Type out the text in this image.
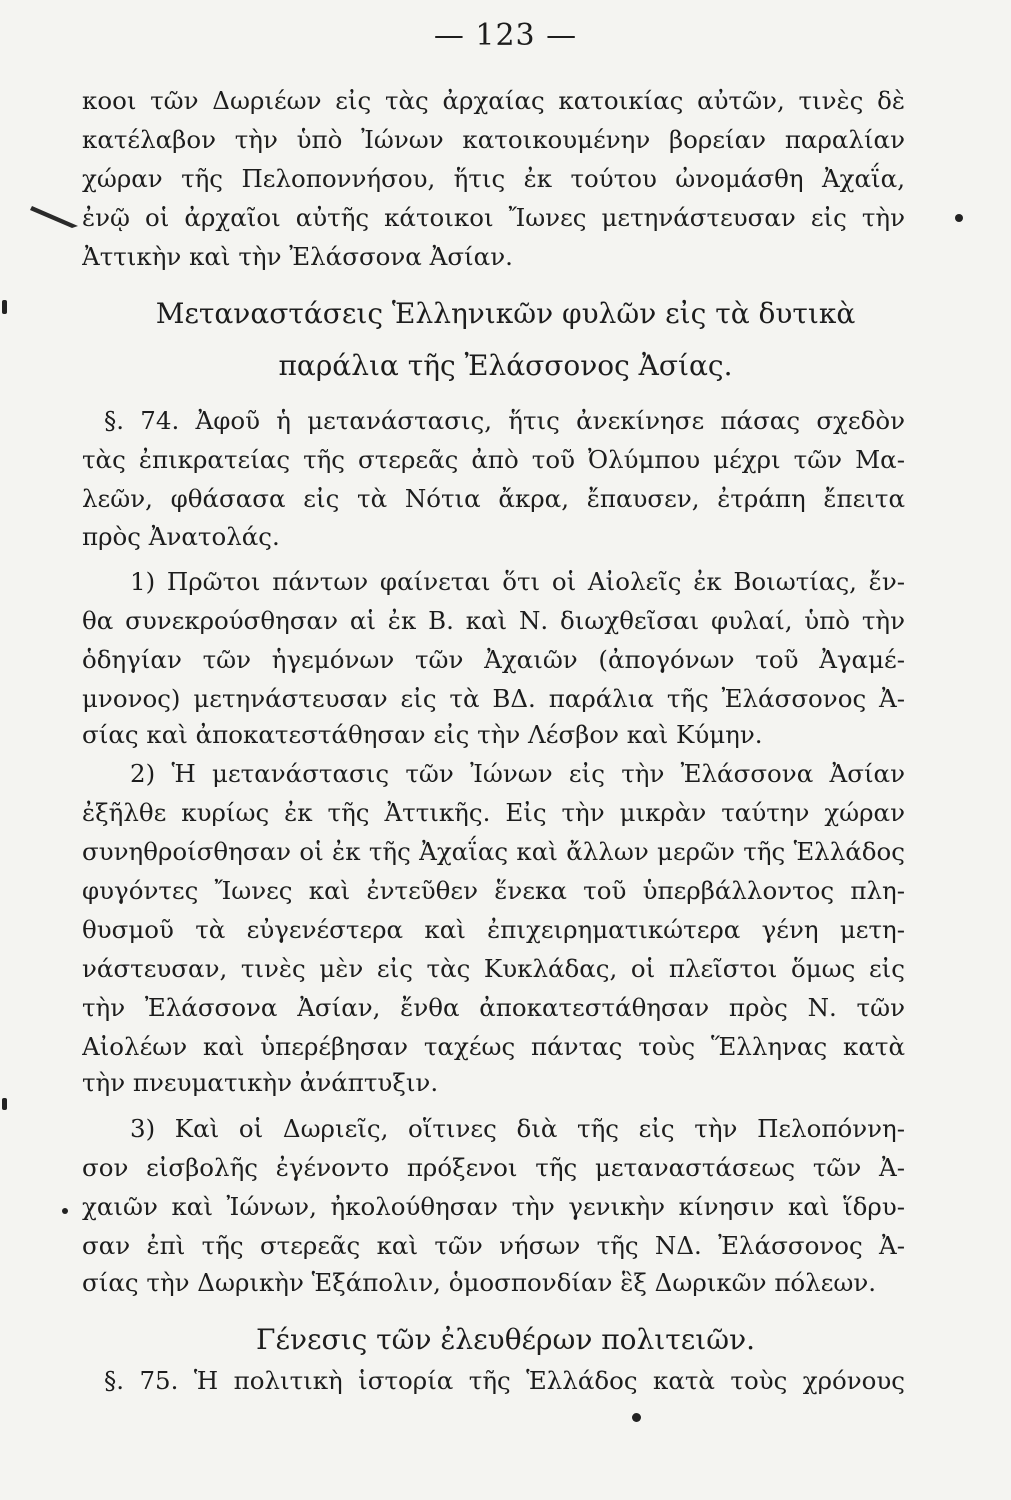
— 123 —
κοοι τῶν Δωριέων εἰς τὰς ἀρχαίας κατοικίας αὐτῶν, τινὲς δὲ
κατέλαβον τὴν ὑπὸ Ἰώνων κατοικουμένην βορείαν παραλίαν
χώραν τῆς Πελοποννήσου, ἥτις ἐκ τούτου ὠνομάσθη Ἀχαΐα,
ἐνῷ οἱ ἀρχαῖοι αὐτῆς κάτοικοι Ἴωνες μετηνάστευσαν εἰς τὴν
Ἀττικὴν καὶ τὴν Ἐλάσσονα Ἀσίαν.
Μεταναστάσεις Ἑλληνικῶν φυλῶν εἰς τὰ δυτικὰ
παράλια τῆς Ἐλάσσονος Ἀσίας.
§. 74. Ἀφοῦ ἡ μετανάστασις, ἥτις ἀνεκίνησε πάσας σχεδὸν
τὰς ἐπικρατείας τῆς στερεᾶς ἀπὸ τοῦ Ὀλύμπου μέχρι τῶν Μα-
λεῶν, φθάσασα εἰς τὰ Νότια ἄκρα, ἔπαυσεν, ἐτράπη ἔπειτα
πρὸς Ἀνατολάς.
1) Πρῶτοι πάντων φαίνεται ὅτι οἱ Αἰολεῖς ἐκ Βοιωτίας, ἔν-
θα συνεκρούσθησαν αἱ ἐκ Β. καὶ Ν. διωχθεῖσαι φυλαί, ὑπὸ τὴν
ὁδηγίαν τῶν ἡγεμόνων τῶν Ἀχαιῶν (ἀπογόνων τοῦ Ἀγαμέ-
μνονος) μετηνάστευσαν εἰς τὰ ΒΔ. παράλια τῆς Ἐλάσσονος Ἀ-
σίας καὶ ἀποκατεστάθησαν εἰς τὴν Λέσβον καὶ Κύμην.
2) Ἡ μετανάστασις τῶν Ἰώνων εἰς τὴν Ἐλάσσονα Ἀσίαν
ἐξῆλθε κυρίως ἐκ τῆς Ἀττικῆς. Εἰς τὴν μικρὰν ταύτην χώραν
συνηθροίσθησαν οἱ ἐκ τῆς Ἀχαΐας καὶ ἄλλων μερῶν τῆς Ἑλλάδος
φυγόντες Ἴωνες καὶ ἐντεῦθεν ἕνεκα τοῦ ὑπερβάλλοντος πλη-
θυσμοῦ τὰ εὐγενέστερα καὶ ἐπιχειρηματικώτερα γένη μετη-
νάστευσαν, τινὲς μὲν εἰς τὰς Κυκλάδας, οἱ πλεῖστοι ὅμως εἰς
τὴν Ἐλάσσονα Ἀσίαν, ἔνθα ἀποκατεστάθησαν πρὸς Ν. τῶν
Αἰολέων καὶ ὑπερέβησαν ταχέως πάντας τοὺς Ἕλληνας κατὰ
τὴν πνευματικὴν ἀνάπτυξιν.
3) Καὶ οἱ Δωριεῖς, οἵτινες διὰ τῆς εἰς τὴν Πελοπόννη-
σον εἰσβολῆς ἐγένοντο πρόξενοι τῆς μεταναστάσεως τῶν Ἀ-
χαιῶν καὶ Ἰώνων, ἠκολούθησαν τὴν γενικὴν κίνησιν καὶ ἵδρυ-
σαν ἐπὶ τῆς στερεᾶς καὶ τῶν νήσων τῆς ΝΔ. Ἐλάσσονος Ἀ-
σίας τὴν Δωρικὴν Ἑξάπολιν, ὁμοσπονδίαν ἓξ Δωρικῶν πόλεων.
Γένεσις τῶν ἐλευθέρων πολιτειῶν.
§. 75. Ἡ πολιτικὴ ἱστορία τῆς Ἑλλάδος κατὰ τοὺς χρόνους
